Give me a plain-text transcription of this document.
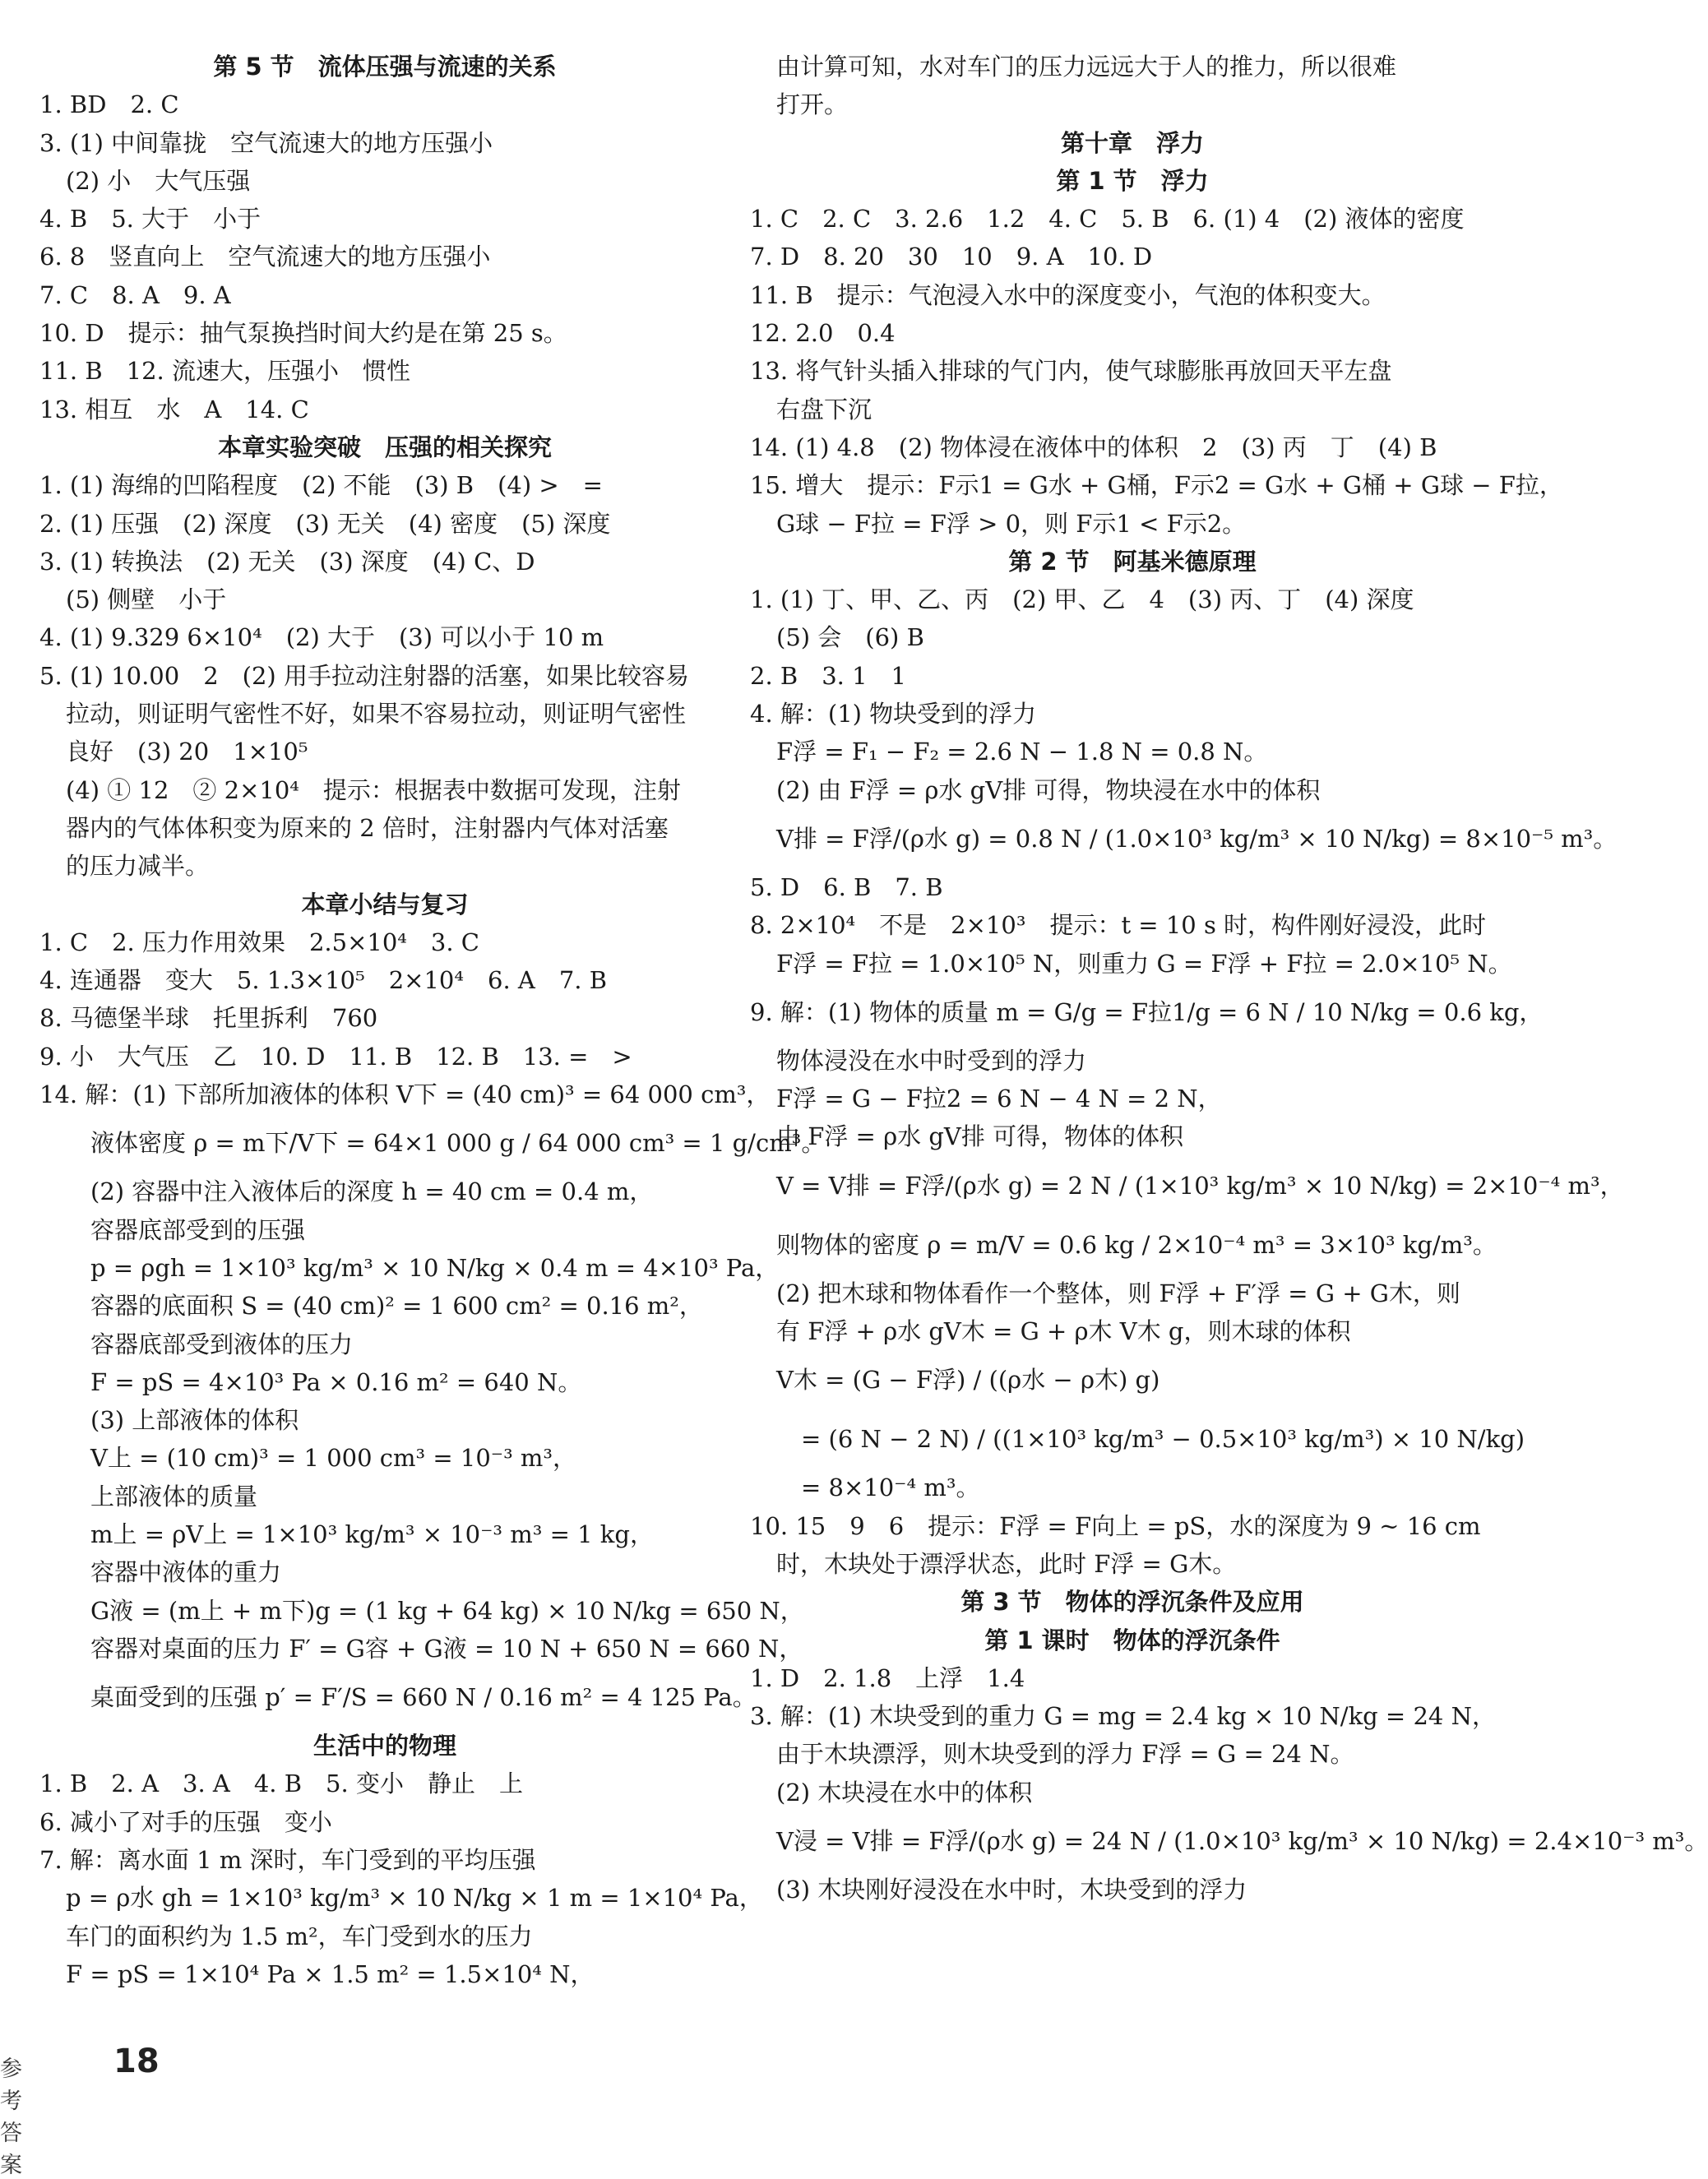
第 5 节　流体压强与流速的关系
1. BD　2. C
3. (1) 中间靠拢　空气流速大的地方压强小
(2) 小　大气压强
4. B　5. 大于　小于
6. 8　竖直向上　空气流速大的地方压强小
7. C　8. A　9. A
10. D　提示：抽气泵换挡时间大约是在第 25 s。
11. B　12. 流速大，压强小　惯性
13. 相互　水　A　14. C
本章实验突破　压强的相关探究
1. (1) 海绵的凹陷程度　(2) 不能　(3) B　(4) >　=
2. (1) 压强　(2) 深度　(3) 无关　(4) 密度　(5) 深度
3. (1) 转换法　(2) 无关　(3) 深度　(4) C、D
(5) 侧壁　小于
4. (1) 9.329 6×10⁴　(2) 大于　(3) 可以小于 10 m
5. (1) 10.00　2　(2) 用手拉动注射器的活塞，如果比较容易
拉动，则证明气密性不好，如果不容易拉动，则证明气密性
良好　(3) 20　1×10⁵
(4) ① 12　② 2×10⁴　提示：根据表中数据可发现，注射
器内的气体体积变为原来的 2 倍时，注射器内气体对活塞
的压力减半。
本章小结与复习
1. C　2. 压力作用效果　2.5×10⁴　3. C
4. 连通器　变大　5. 1.3×10⁵　2×10⁴　6. A　7. B
8. 马德堡半球　托里拆利　760
9. 小　大气压　乙　10. D　11. B　12. B　13. =　>
14. 解：(1) 下部所加液体的体积 V下 = (40 cm)³ = 64 000 cm³，
液体密度 ρ = m下/V下 = 64×1 000 g / 64 000 cm³ = 1 g/cm³。
(2) 容器中注入液体后的深度 h = 40 cm = 0.4 m，
容器底部受到的压强
p = ρgh = 1×10³ kg/m³ × 10 N/kg × 0.4 m = 4×10³ Pa，
容器的底面积 S = (40 cm)² = 1 600 cm² = 0.16 m²，
容器底部受到液体的压力
F = pS = 4×10³ Pa × 0.16 m² = 640 N。
(3) 上部液体的体积
V上 = (10 cm)³ = 1 000 cm³ = 10⁻³ m³，
上部液体的质量
m上 = ρV上 = 1×10³ kg/m³ × 10⁻³ m³ = 1 kg，
容器中液体的重力
G液 = (m上 + m下)g = (1 kg + 64 kg) × 10 N/kg = 650 N，
容器对桌面的压力 F′ = G容 + G液 = 10 N + 650 N = 660 N，
桌面受到的压强 p′ = F′/S = 660 N / 0.16 m² = 4 125 Pa。
生活中的物理
1. B　2. A　3. A　4. B　5. 变小　静止　上
6. 减小了对手的压强　变小
7. 解：离水面 1 m 深时，车门受到的平均压强
p = ρ水 gh = 1×10³ kg/m³ × 10 N/kg × 1 m = 1×10⁴ Pa，
车门的面积约为 1.5 m²，车门受到水的压力
F = pS = 1×10⁴ Pa × 1.5 m² = 1.5×10⁴ N，
由计算可知，水对车门的压力远远大于人的推力，所以很难
打开。
第十章　浮力
第 1 节　浮力
1. C　2. C　3. 2.6　1.2　4. C　5. B　6. (1) 4　(2) 液体的密度
7. D　8. 20　30　10　9. A　10. D
11. B　提示：气泡浸入水中的深度变小，气泡的体积变大。
12. 2.0　0.4
13. 将气针头插入排球的气门内，使气球膨胀再放回天平左盘
右盘下沉
14. (1) 4.8　(2) 物体浸在液体中的体积　2　(3) 丙　丁　(4) B
15. 增大　提示：F示1 = G水 + G桶，F示2 = G水 + G桶 + G球 − F拉，
G球 − F拉 = F浮 > 0，则 F示1 < F示2。
第 2 节　阿基米德原理
1. (1) 丁、甲、乙、丙　(2) 甲、乙　4　(3) 丙、丁　(4) 深度
(5) 会　(6) B
2. B　3. 1　1
4. 解：(1) 物块受到的浮力
F浮 = F₁ − F₂ = 2.6 N − 1.8 N = 0.8 N。
(2) 由 F浮 = ρ水 gV排 可得，物块浸在水中的体积
V排 = F浮/(ρ水 g) = 0.8 N / (1.0×10³ kg/m³ × 10 N/kg) = 8×10⁻⁵ m³。
5. D　6. B　7. B
8. 2×10⁴　不是　2×10³　提示：t = 10 s 时，构件刚好浸没，此时
F浮 = F拉 = 1.0×10⁵ N，则重力 G = F浮 + F拉 = 2.0×10⁵ N。
9. 解：(1) 物体的质量 m = G/g = F拉1/g = 6 N / 10 N/kg = 0.6 kg，
物体浸没在水中时受到的浮力
F浮 = G − F拉2 = 6 N − 4 N = 2 N，
由 F浮 = ρ水 gV排 可得，物体的体积
V = V排 = F浮/(ρ水 g) = 2 N / (1×10³ kg/m³ × 10 N/kg) = 2×10⁻⁴ m³，
则物体的密度 ρ = m/V = 0.6 kg / 2×10⁻⁴ m³ = 3×10³ kg/m³。
(2) 把木球和物体看作一个整体，则 F浮 + F′浮 = G + G木，则
有 F浮 + ρ水 gV木 = G + ρ木 V木 g，则木球的体积
V木 = (G − F浮) / ((ρ水 − ρ木) g)
= (6 N − 2 N) / ((1×10³ kg/m³ − 0.5×10³ kg/m³) × 10 N/kg)
= 8×10⁻⁴ m³。
10. 15　9　6　提示：F浮 = F向上 = pS，水的深度为 9 ~ 16 cm
时，木块处于漂浮状态，此时 F浮 = G木。
第 3 节　物体的浮沉条件及应用
第 1 课时　物体的浮沉条件
1. D　2. 1.8　上浮　1.4
3. 解：(1) 木块受到的重力 G = mg = 2.4 kg × 10 N/kg = 24 N，
由于木块漂浮，则木块受到的浮力 F浮 = G = 24 N。
(2) 木块浸在水中的体积
V浸 = V排 = F浮/(ρ水 g) = 24 N / (1.0×10³ kg/m³ × 10 N/kg) = 2.4×10⁻³ m³。
(3) 木块刚好浸没在水中时，木块受到的浮力
参考答案
18
